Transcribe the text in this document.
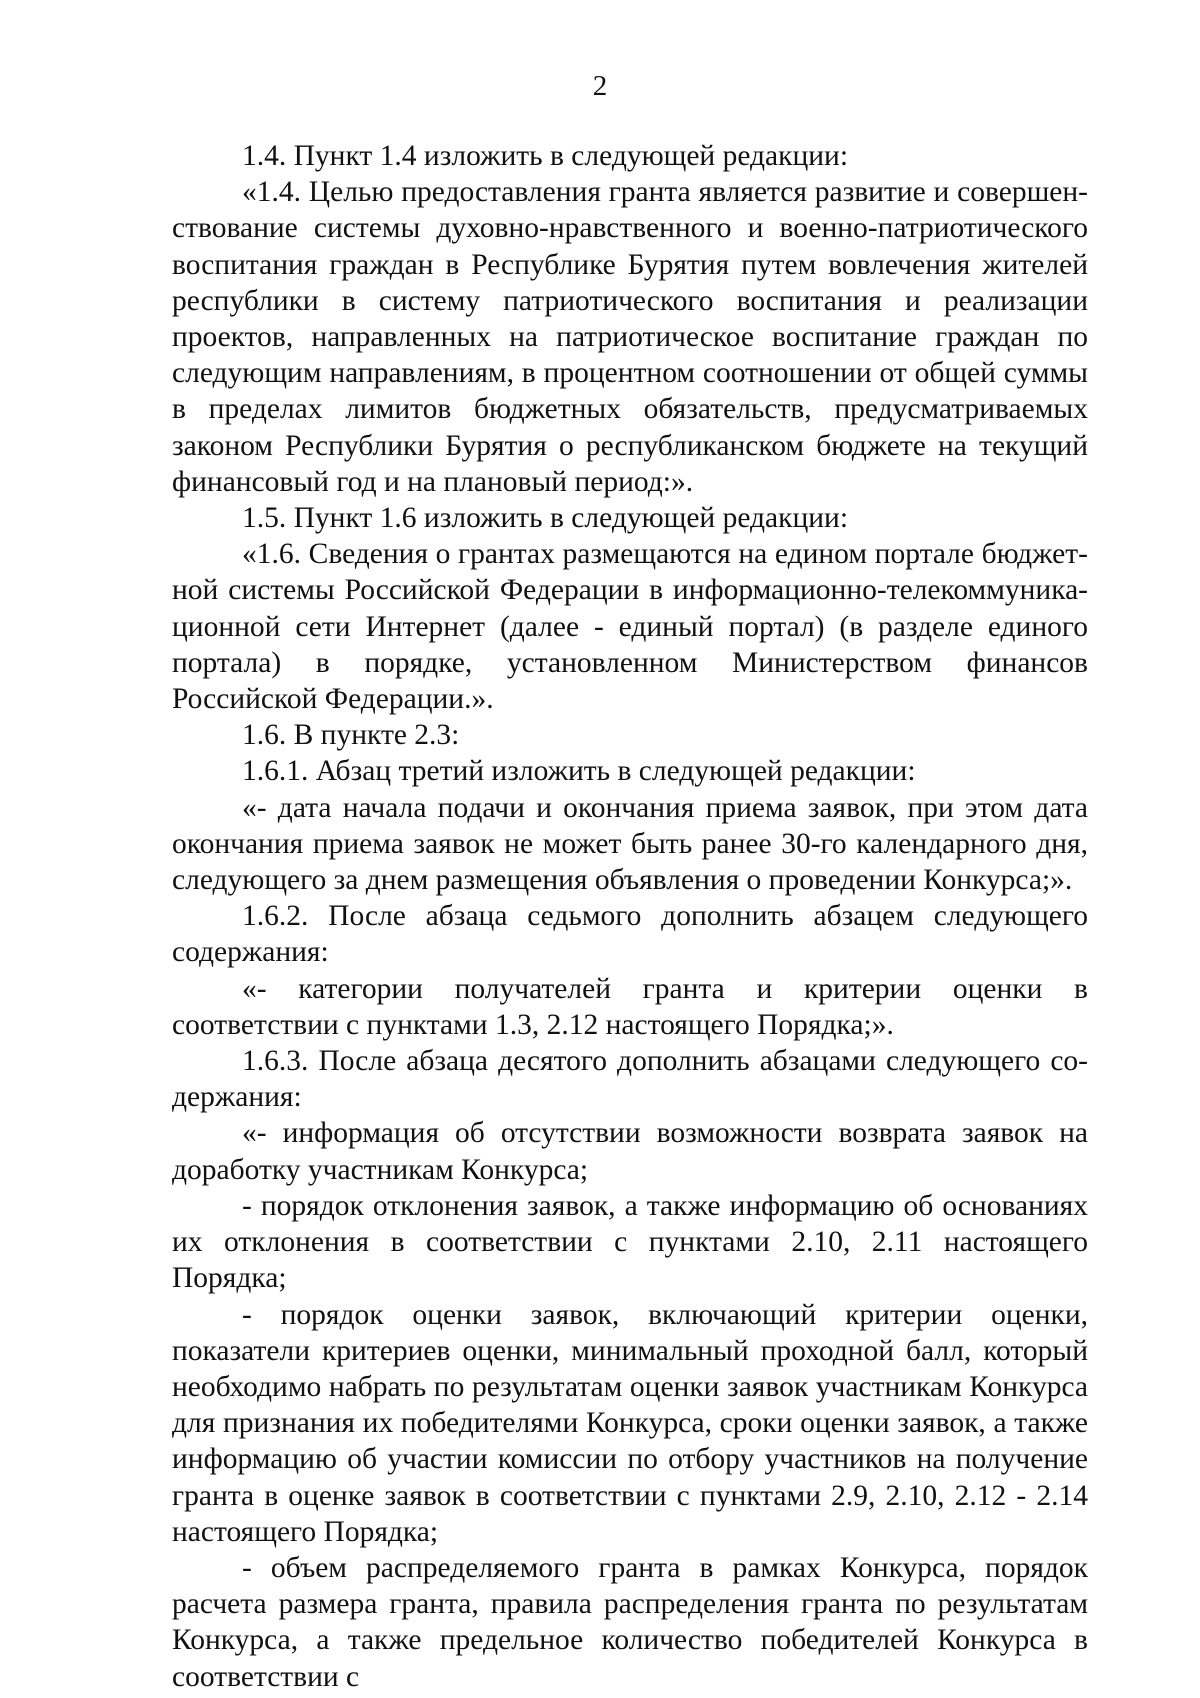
2

1.4. Пункт 1.4 изложить в следующей редакции:

«1.4. Целью предоставления гранта является развитие и совершенствование системы духовно-нравственного и военно-патриотического воспитания граждан в Республике Бурятия путем вовлечения жителей республики в систему патриотического воспитания и реализации проектов, направленных на патриотическое воспитание граждан по следующим направлениям, в процентном соотношении от общей суммы в пределах лимитов бюджетных обязательств, предусматриваемых законом Республики Бурятия о республиканском бюджете на текущий финансовый год и на плановый период:».

1.5. Пункт 1.6 изложить в следующей редакции:

«1.6. Сведения о грантах размещаются на едином портале бюджетной системы Российской Федерации в информационно-телекоммуникационной сети Интернет (далее - единый портал) (в разделе единого портала) в порядке, установленном Министерством финансов Российской Федерации.».

1.6. В пункте 2.3:

1.6.1. Абзац третий изложить в следующей редакции:

«- дата начала подачи и окончания приема заявок, при этом дата окончания приема заявок не может быть ранее 30-го календарного дня, следующего за днем размещения объявления о проведении Конкурса;».

1.6.2. После абзаца седьмого дополнить абзацем следующего содержания:

«- категории получателей гранта и критерии оценки в соответствии с пунктами 1.3, 2.12 настоящего Порядка;».

1.6.3. После абзаца десятого дополнить абзацами следующего содержания:

«- информация об отсутствии возможности возврата заявок на доработку участникам Конкурса;

- порядок отклонения заявок, а также информацию об основаниях их отклонения в соответствии с пунктами 2.10, 2.11 настоящего Порядка;

- порядок оценки заявок, включающий критерии оценки, показатели критериев оценки, минимальный проходной балл, который необходимо набрать по результатам оценки заявок участникам Конкурса для признания их победителями Конкурса, сроки оценки заявок, а также информацию об участии комиссии по отбору участников на получение гранта в оценке заявок в соответствии с пунктами 2.9, 2.10, 2.12 - 2.14 настоящего Порядка;

- объем распределяемого гранта в рамках Конкурса, порядок расчета размера гранта, правила распределения гранта по результатам Конкурса, а также предельное количество победителей Конкурса в соответствии с
